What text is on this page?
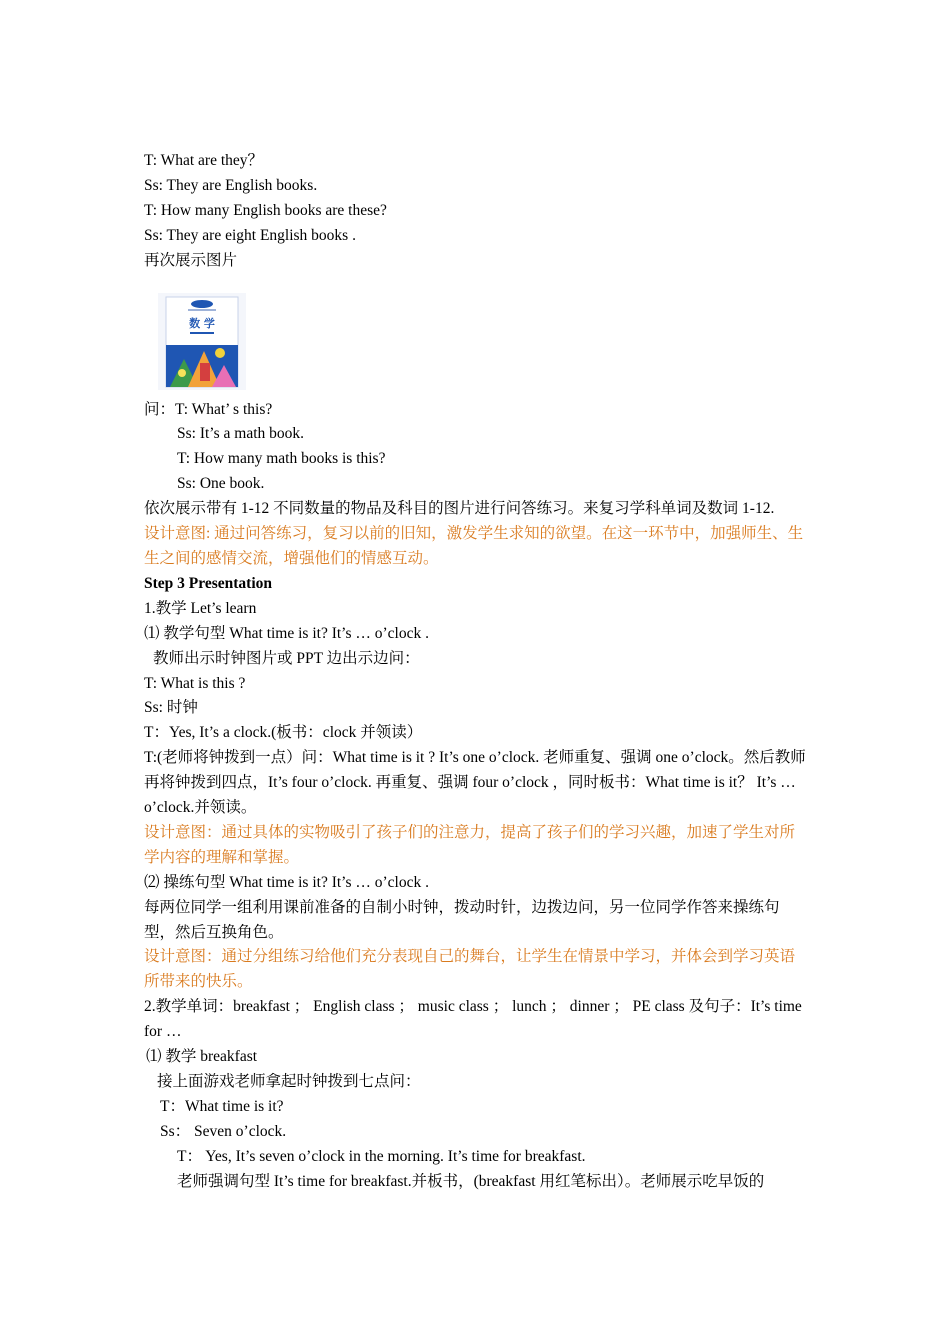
T: What are they？
Ss: They are English books.
T: How many English books are these?
Ss: They are eight English books .
再次展示图片
数 学
问：T: What’ s this?
Ss: It’s a math book.
T: How many math books is this?
Ss: One book.
依次展示带有 1-12 不同数量的物品及科目的图片进行问答练习。来复习学科单词及数词 1-12.
设计意图: 通过问答练习，复习以前的旧知，激发学生求知的欲望。在这一环节中，加强师生、生生之间的感情交流，增强他们的情感互动。
Step 3 Presentation
1.教学 Let’s learn
⑴ 教学句型 What time is it? It’s … o’clock .
教师出示时钟图片或 PPT 边出示边问：
T: What is this ?
Ss: 时钟
T：Yes, It’s a clock.(板书：clock 并领读）
T:(老师将钟拨到一点）问：What time is it ? It’s one o’clock. 老师重复、强调 one o’clock。然后教师再将钟拨到四点，It’s four o’clock. 再重复、强调 four o’clock ，同时板书：What time is it？ It’s …o’clock.并领读。
设计意图：通过具体的实物吸引了孩子们的注意力，提高了孩子们的学习兴趣，加速了学生对所学内容的理解和掌握。
⑵ 操练句型 What time is it? It’s … o’clock .
每两位同学一组利用课前准备的自制小时钟，拨动时针，边拨边问，另一位同学作答来操练句型，然后互换角色。
设计意图：通过分组练习给他们充分表现自己的舞台，让学生在情景中学习，并体会到学习英语所带来的快乐。
2.教学单词：breakfast ； English class ； music class ； lunch ； dinner ； PE class 及句子：It’s time for …
⑴ 教学 breakfast
接上面游戏老师拿起时钟拨到七点问：
T：What time is it?
Ss： Seven o’clock.
T： Yes, It’s seven o’clock in the morning. It’s time for breakfast.
老师强调句型 It’s time for breakfast.并板书，(breakfast 用红笔标出）。老师展示吃早饭的
